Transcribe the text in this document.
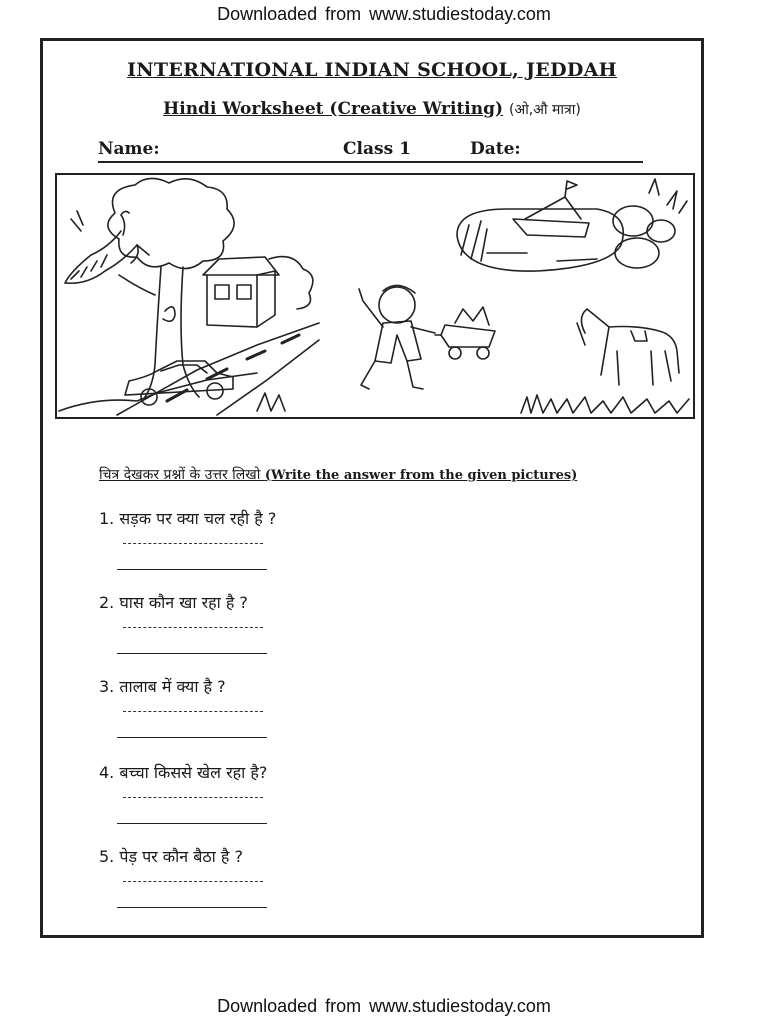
Downloaded from www.studiestoday.com
INTERNATIONAL INDIAN SCHOOL, JEDDAH
Hindi Worksheet (Creative Writing) (ओ,औ मात्रा)
Name:	Class 1	Date:
चित्र देखकर प्रश्नों के उत्तर लिखो (Write the answer from the given pictures)
1. सड़क पर क्या चल रही है ?
2. घास कौन खा रहा है ?
3. तालाब में क्या है ?
4. बच्चा किससे खेल रहा है?
5. पेड़ पर कौन बैठा है ?
Downloaded from www.studiestoday.com
